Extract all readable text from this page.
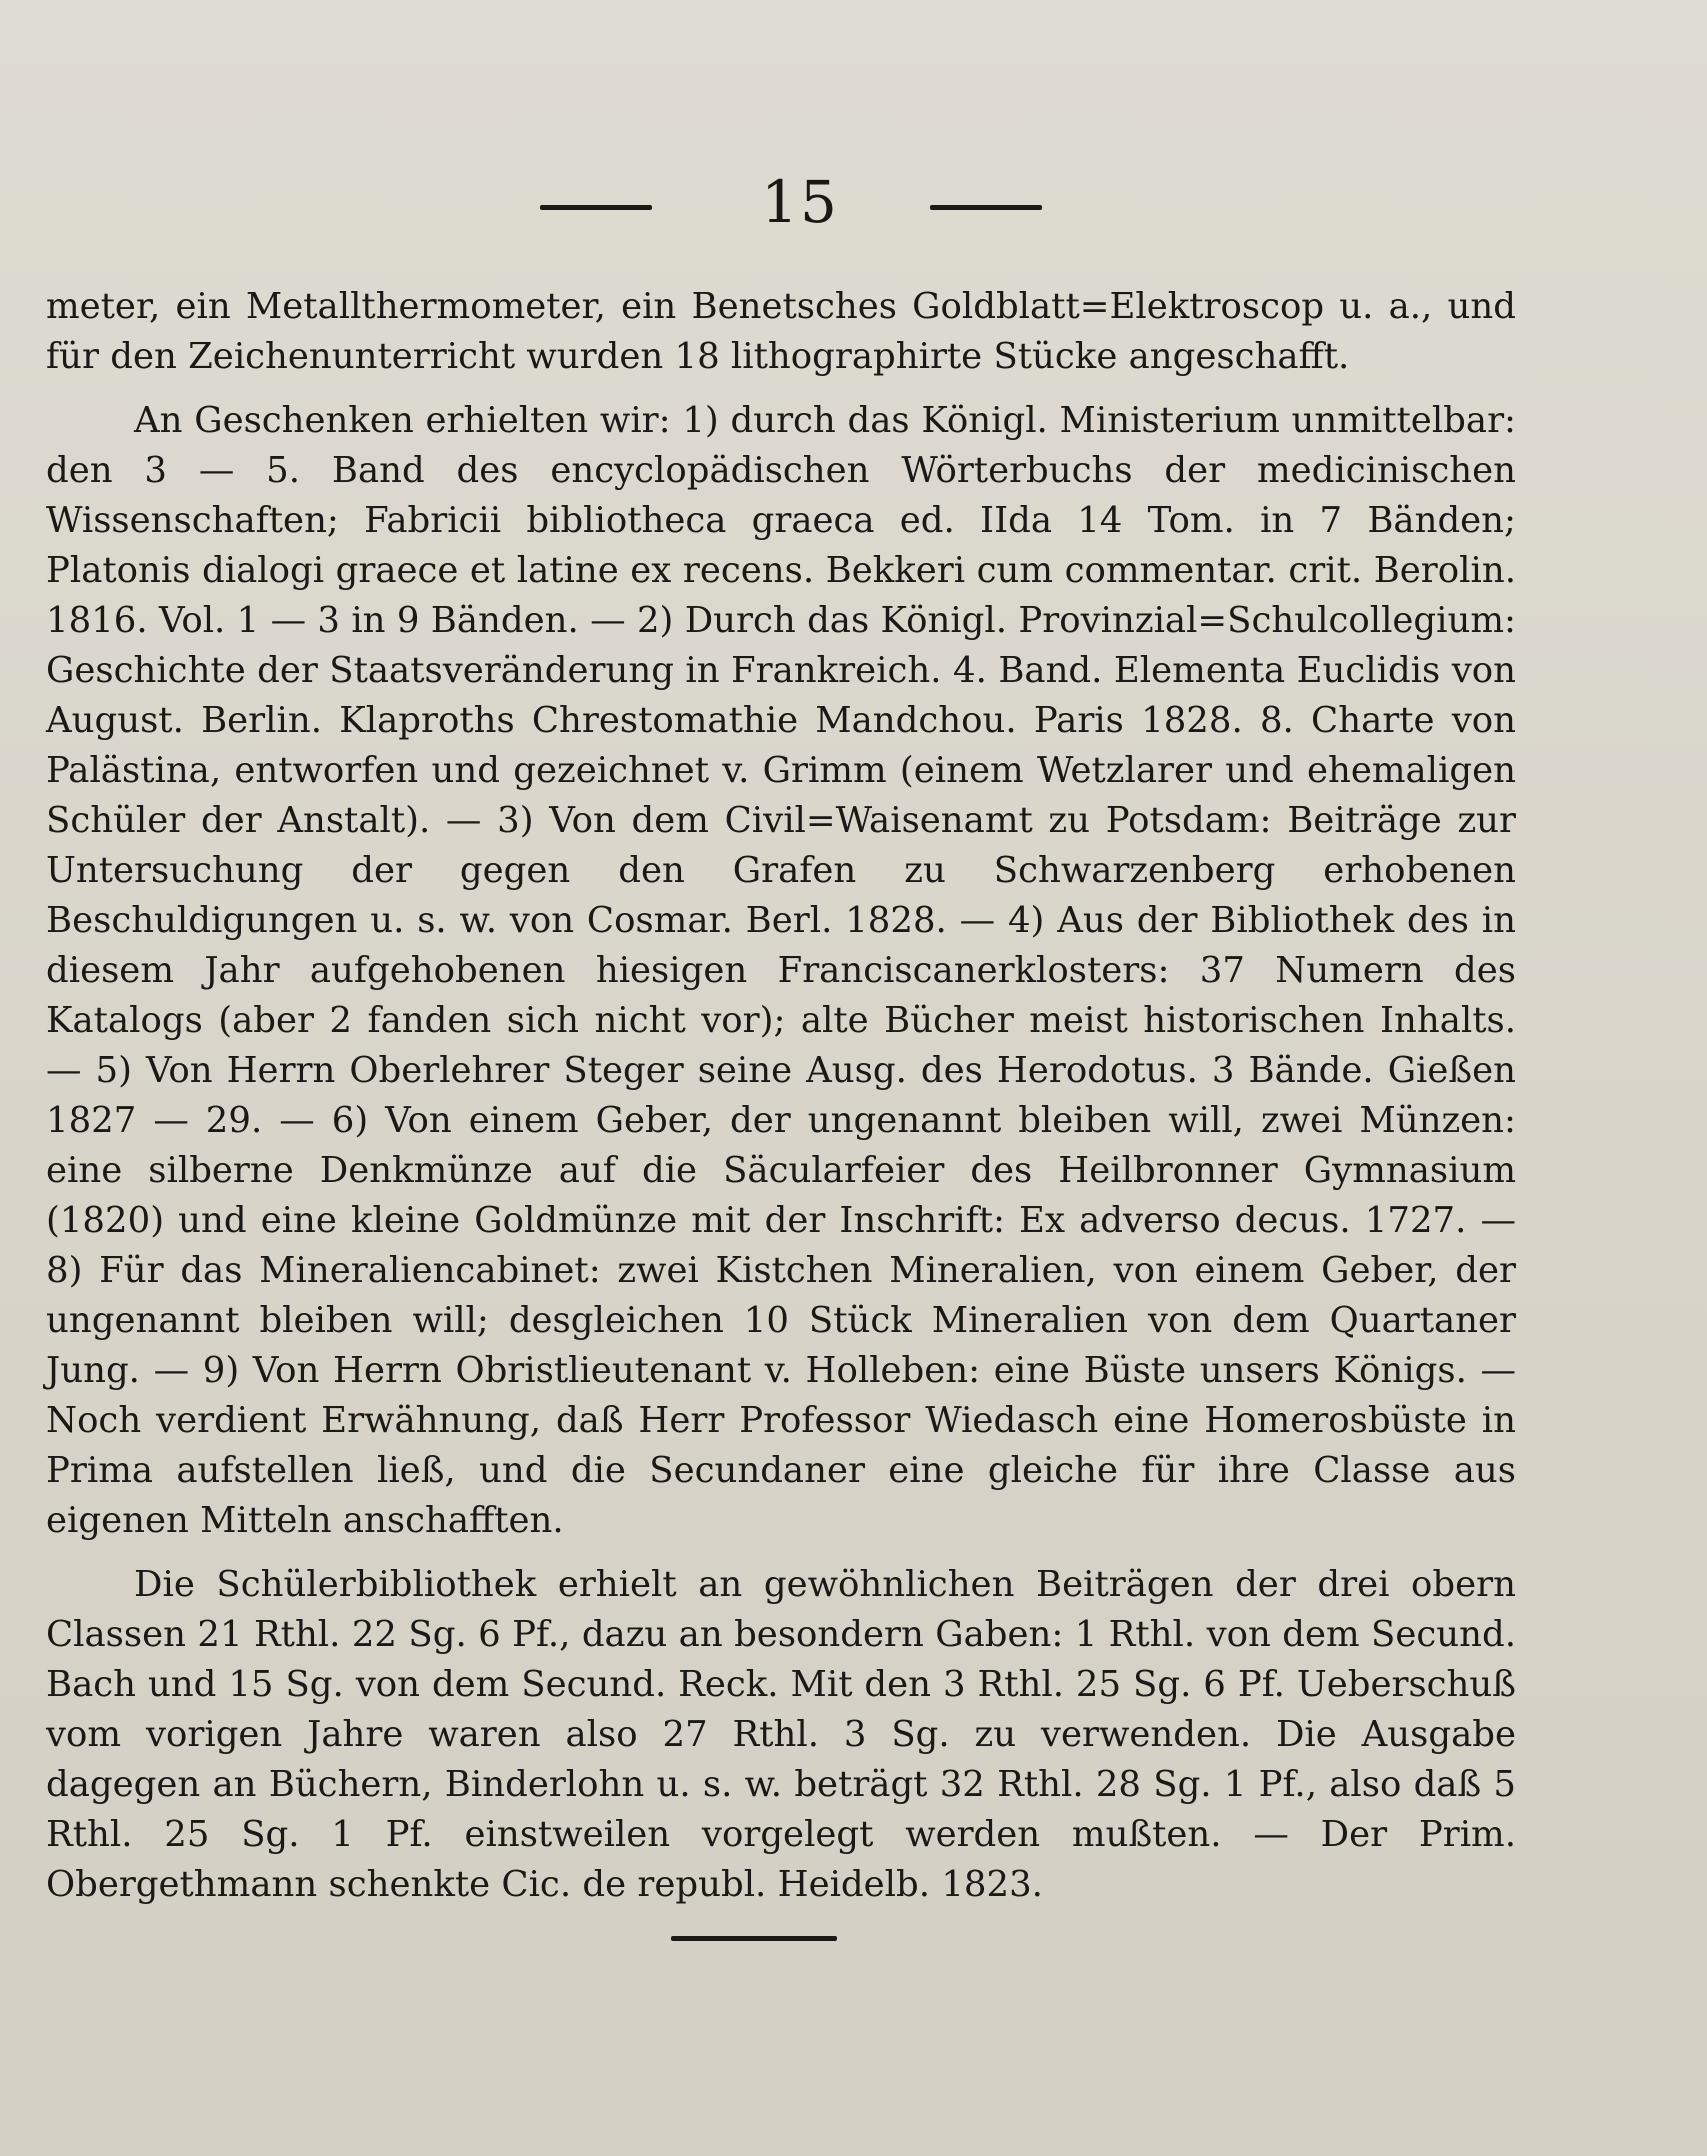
15

meter, ein Metallthermometer, ein Benetsches Goldblatt=Elektroscop u. a., und für den Zeichenunterricht wurden 18 lithographirte Stücke angeschafft.

An Geschenken erhielten wir: 1) durch das Königl. Ministerium unmittelbar: den 3 — 5. Band des encyclopädischen Wörterbuchs der medicinischen Wissenschaften; Fabricii bibliotheca graeca ed. IIda 14 Tom. in 7 Bänden; Platonis dialogi graece et latine ex recens. Bekkeri cum commentar. crit. Berolin. 1816. Vol. 1 — 3 in 9 Bänden. — 2) Durch das Königl. Provinzial=Schulcollegium: Geschichte der Staatsveränderung in Frankreich. 4. Band. Elementa Euclidis von August. Berlin. Klaproths Chrestomathie Mandchou. Paris 1828. 8. Charte von Palästina, entworfen und gezeichnet v. Grimm (einem Wetzlarer und ehemaligen Schüler der Anstalt). — 3) Von dem Civil=Waisenamt zu Potsdam: Beiträge zur Untersuchung der gegen den Grafen zu Schwarzenberg erhobenen Beschuldigungen u. s. w. von Cosmar. Berl. 1828. — 4) Aus der Bibliothek des in diesem Jahr aufgehobenen hiesigen Franciscanerklosters: 37 Numern des Katalogs (aber 2 fanden sich nicht vor); alte Bücher meist historischen Inhalts. — 5) Von Herrn Oberlehrer Steger seine Ausg. des Herodotus. 3 Bände. Gießen 1827 — 29. — 6) Von einem Geber, der ungenannt bleiben will, zwei Münzen: eine silberne Denkmünze auf die Säcularfeier des Heilbronner Gymnasium (1820) und eine kleine Goldmünze mit der Inschrift: Ex adverso decus. 1727. — 8) Für das Mineraliencabinet: zwei Kistchen Mineralien, von einem Geber, der ungenannt bleiben will; desgleichen 10 Stück Mineralien von dem Quartaner Jung. — 9) Von Herrn Obristlieutenant v. Holleben: eine Büste unsers Königs. — Noch verdient Erwähnung, daß Herr Professor Wiedasch eine Homerosbüste in Prima aufstellen ließ, und die Secundaner eine gleiche für ihre Classe aus eigenen Mitteln anschafften.

Die Schülerbibliothek erhielt an gewöhnlichen Beiträgen der drei obern Classen 21 Rthl. 22 Sg. 6 Pf., dazu an besondern Gaben: 1 Rthl. von dem Secund. Bach und 15 Sg. von dem Secund. Reck. Mit den 3 Rthl. 25 Sg. 6 Pf. Ueberschuß vom vorigen Jahre waren also 27 Rthl. 3 Sg. zu verwenden. Die Ausgabe dagegen an Büchern, Binderlohn u. s. w. beträgt 32 Rthl. 28 Sg. 1 Pf., also daß 5 Rthl. 25 Sg. 1 Pf. einstweilen vorgelegt werden mußten. — Der Prim. Obergethmann schenkte Cic. de republ. Heidelb. 1823.
